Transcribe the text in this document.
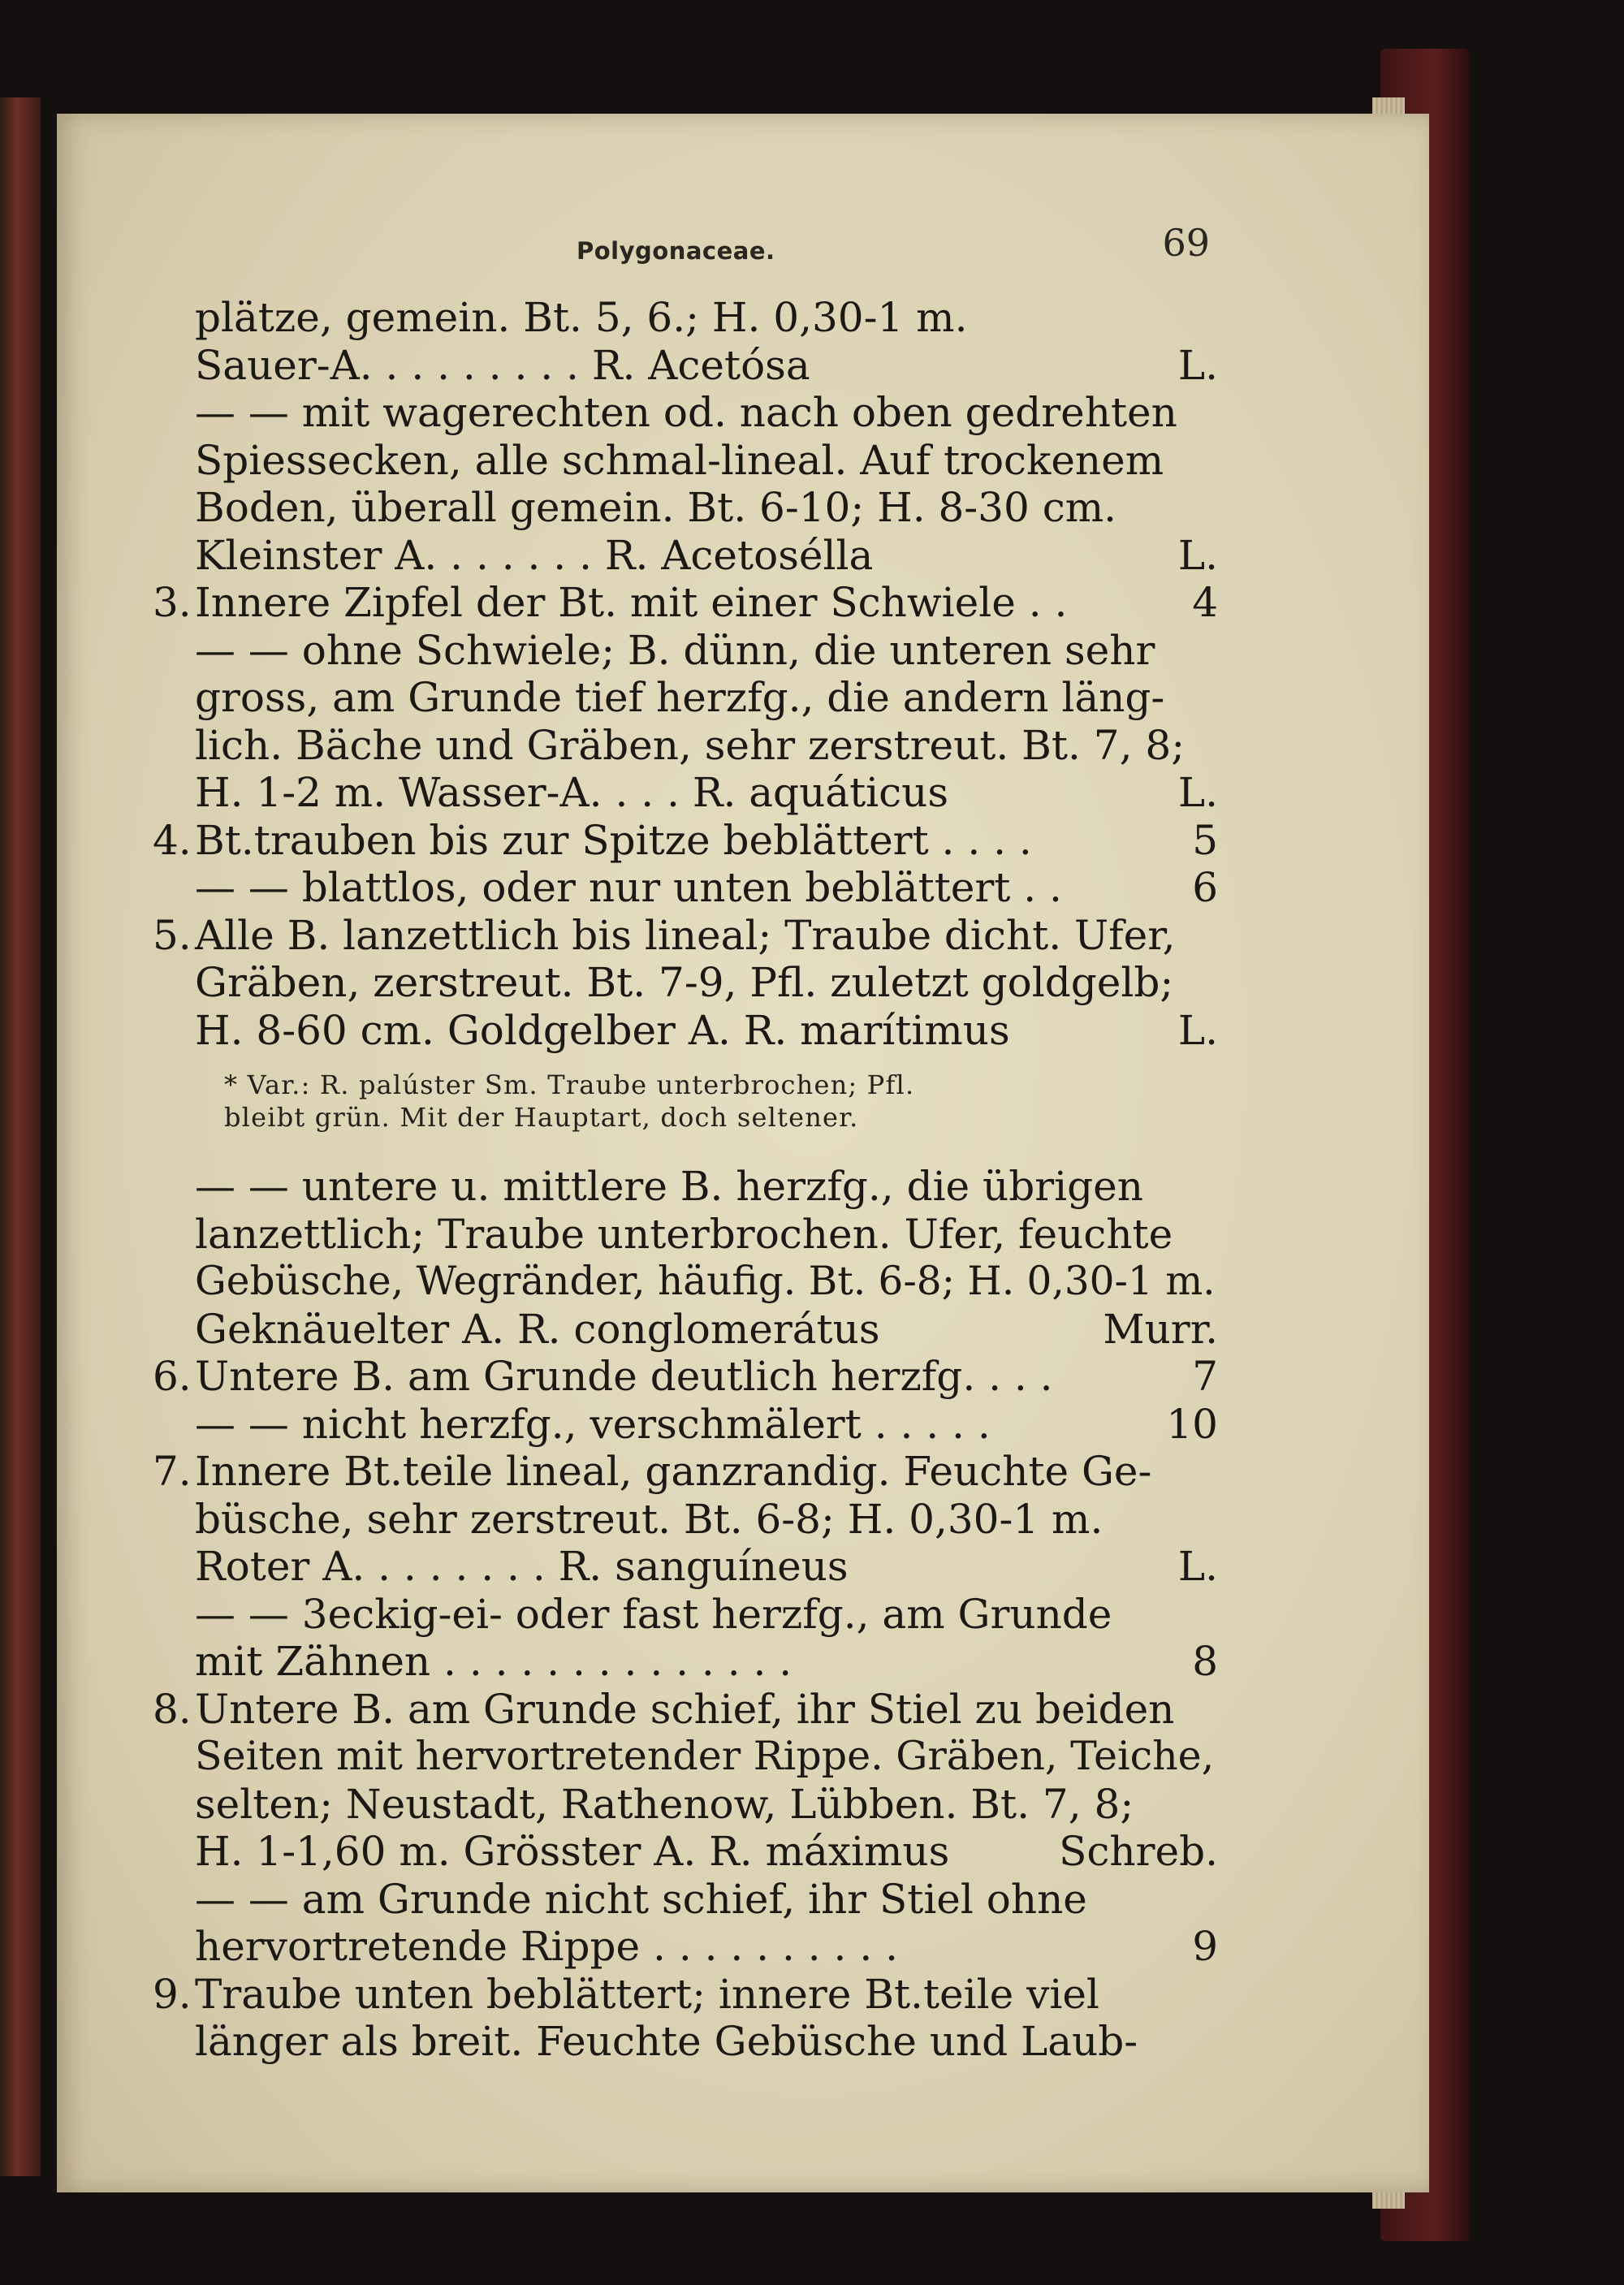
Polygonaceae.	69
plätze, gemein. Bt. 5, 6.; H. 0,30-1 m.
Sauer-A. . . . . . . . . R. Acetósa	L.
— — mit wagerechten od. nach oben gedrehten
Spiessecken, alle schmal-lineal. Auf trockenem
Boden, überall gemein. Bt. 6-10; H. 8-30 cm.
Kleinster A. . . . . . . R. Acetosélla	L.
3. Innere Zipfel der Bt. mit einer Schwiele . .	4
— — ohne Schwiele; B. dünn, die unteren sehr
gross, am Grunde tief herzfg., die andern läng-
lich. Bäche und Gräben, sehr zerstreut. Bt. 7, 8;
H. 1-2 m. Wasser-A. . . . R. aquáticus	L.
4. Bt.trauben bis zur Spitze beblättert . . . .	5
— — blattlos, oder nur unten beblättert . .	6
5. Alle B. lanzettlich bis lineal; Traube dicht. Ufer,
Gräben, zerstreut. Bt. 7-9, Pfl. zuletzt goldgelb;
H. 8-60 cm. Goldgelber A. R. marítimus	L.
* Var.: R. palúster Sm. Traube unterbrochen; Pfl.
bleibt grün. Mit der Hauptart, doch seltener.
— — untere u. mittlere B. herzfg., die übrigen
lanzettlich; Traube unterbrochen. Ufer, feuchte
Gebüsche, Wegränder, häufig. Bt. 6-8; H. 0,30-1 m.
Geknäuelter A. R. conglomerátus	Murr.
6. Untere B. am Grunde deutlich herzfg. . . .	7
— — nicht herzfg., verschmälert . . . . .	10
7. Innere Bt.teile lineal, ganzrandig. Feuchte Ge-
büsche, sehr zerstreut. Bt. 6-8; H. 0,30-1 m.
Roter A. . . . . . . . R. sanguíneus	L.
— — 3eckig-ei- oder fast herzfg., am Grunde
mit Zähnen . . . . . . . . . . . . . .	8
8. Untere B. am Grunde schief, ihr Stiel zu beiden
Seiten mit hervortretender Rippe. Gräben, Teiche,
selten; Neustadt, Rathenow, Lübben. Bt. 7, 8;
H. 1-1,60 m. Grösster A. R. máximus	Schreb.
— — am Grunde nicht schief, ihr Stiel ohne
hervortretende Rippe . . . . . . . . . .	9
9. Traube unten beblättert; innere Bt.teile viel
länger als breit. Feuchte Gebüsche und Laub-
